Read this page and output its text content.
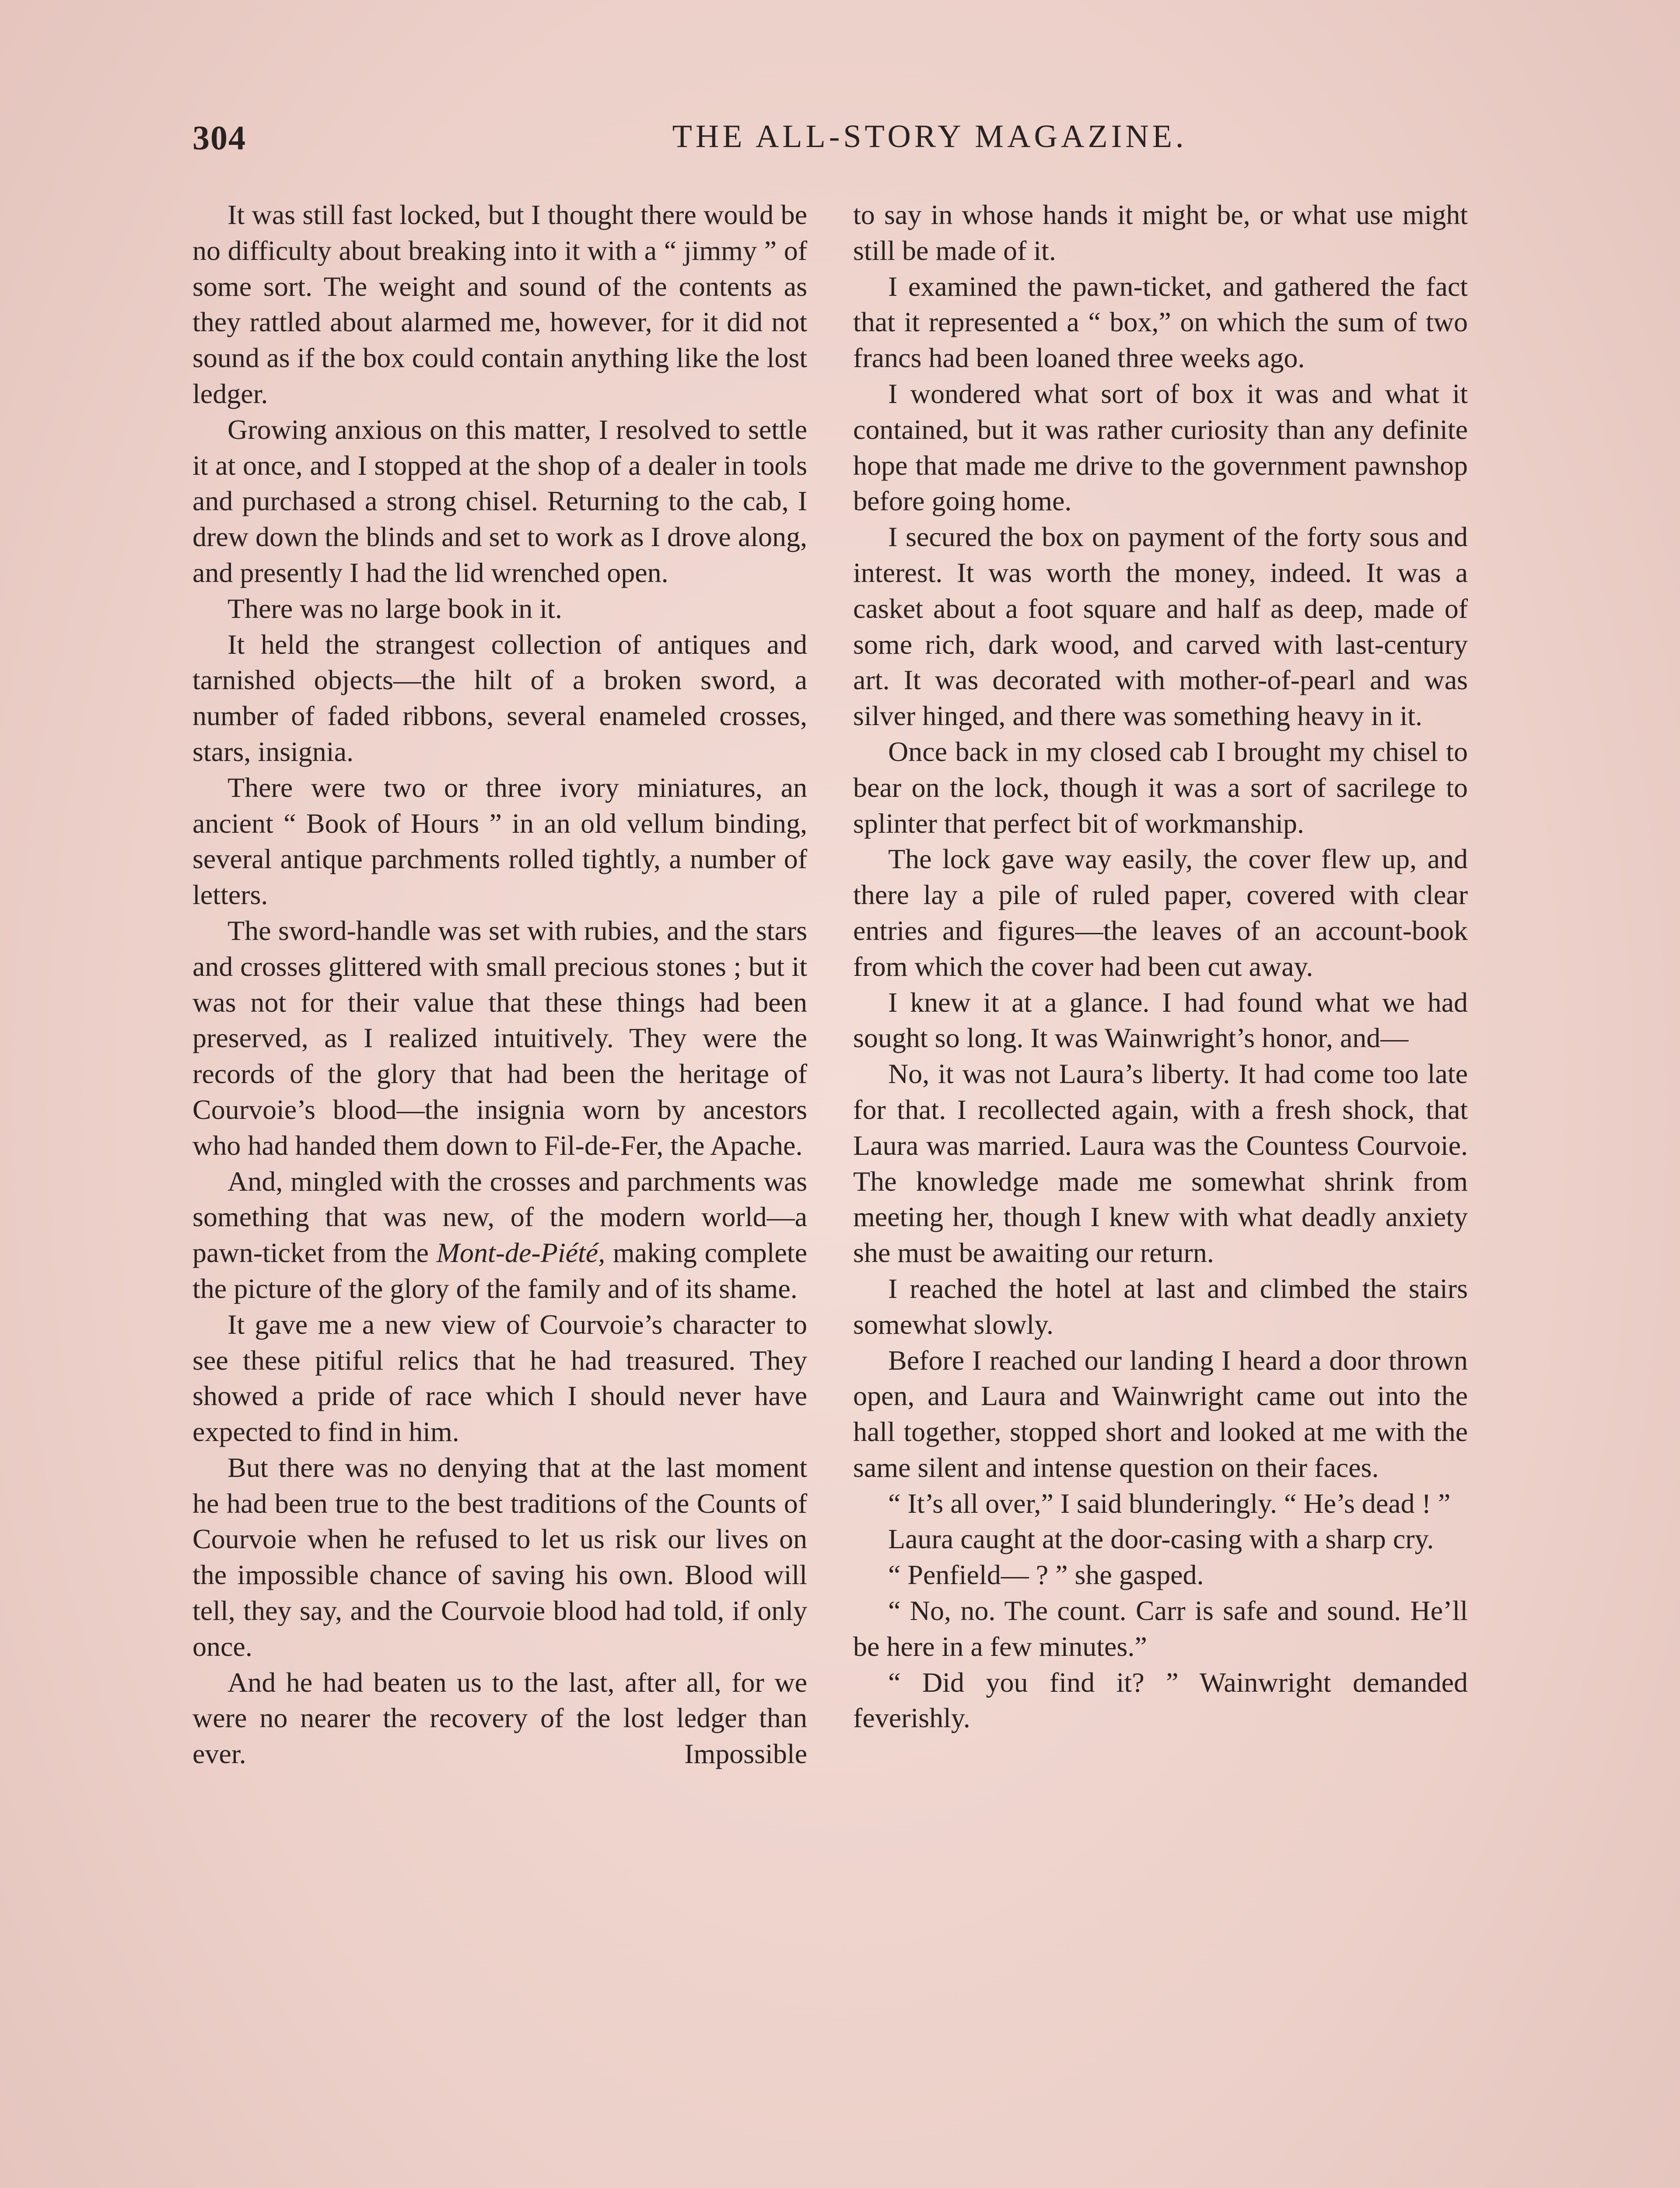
304	THE ALL-STORY MAGAZINE.

It was still fast locked, but I thought there would be no difficulty about breaking into it with a “ jimmy ” of some sort. The weight and sound of the contents as they rattled about alarmed me, however, for it did not sound as if the box could contain anything like the lost ledger.

Growing anxious on this matter, I resolved to settle it at once, and I stopped at the shop of a dealer in tools and purchased a strong chisel. Returning to the cab, I drew down the blinds and set to work as I drove along, and presently I had the lid wrenched open.

There was no large book in it.

It held the strangest collection of antiques and tarnished objects—the hilt of a broken sword, a number of faded ribbons, several enameled crosses, stars, insignia.

There were two or three ivory miniatures, an ancient “ Book of Hours ” in an old vellum binding, several antique parchments rolled tightly, a number of letters.

The sword-handle was set with rubies, and the stars and crosses glittered with small precious stones ; but it was not for their value that these things had been preserved, as I realized intuitively. They were the records of the glory that had been the heritage of Courvoie’s blood—the insignia worn by ancestors who had handed them down to Fil-de-Fer, the Apache.

And, mingled with the crosses and parchments was something that was new, of the modern world—a pawn-ticket from the Mont-de-Piété, making complete the picture of the glory of the family and of its shame.

It gave me a new view of Courvoie’s character to see these pitiful relics that he had treasured. They showed a pride of race which I should never have expected to find in him.

But there was no denying that at the last moment he had been true to the best traditions of the Counts of Courvoie when he refused to let us risk our lives on the impossible chance of saving his own. Blood will tell, they say, and the Courvoie blood had told, if only once.

And he had beaten us to the last, after all, for we were no nearer the recovery of the lost ledger than ever. Impossible

to say in whose hands it might be, or what use might still be made of it.

I examined the pawn-ticket, and gathered the fact that it represented a “ box,” on which the sum of two francs had been loaned three weeks ago.

I wondered what sort of box it was and what it contained, but it was rather curiosity than any definite hope that made me drive to the government pawnshop before going home.

I secured the box on payment of the forty sous and interest. It was worth the money, indeed. It was a casket about a foot square and half as deep, made of some rich, dark wood, and carved with last-century art. It was decorated with mother-of-pearl and was silver hinged, and there was something heavy in it.

Once back in my closed cab I brought my chisel to bear on the lock, though it was a sort of sacrilege to splinter that perfect bit of workmanship.

The lock gave way easily, the cover flew up, and there lay a pile of ruled paper, covered with clear entries and figures—the leaves of an account-book from which the cover had been cut away.

I knew it at a glance. I had found what we had sought so long. It was Wainwright’s honor, and—

No, it was not Laura’s liberty. It had come too late for that. I recollected again, with a fresh shock, that Laura was married. Laura was the Countess Courvoie. The knowledge made me somewhat shrink from meeting her, though I knew with what deadly anxiety she must be awaiting our return.

I reached the hotel at last and climbed the stairs somewhat slowly.

Before I reached our landing I heard a door thrown open, and Laura and Wainwright came out into the hall together, stopped short and looked at me with the same silent and intense question on their faces.

“ It’s all over,” I said blunderingly. “ He’s dead ! ”

Laura caught at the door-casing with a sharp cry.

“ Penfield— ? ” she gasped.

“ No, no. The count. Carr is safe and sound. He’ll be here in a few minutes.”

“ Did you find it? ” Wainwright demanded feverishly.
